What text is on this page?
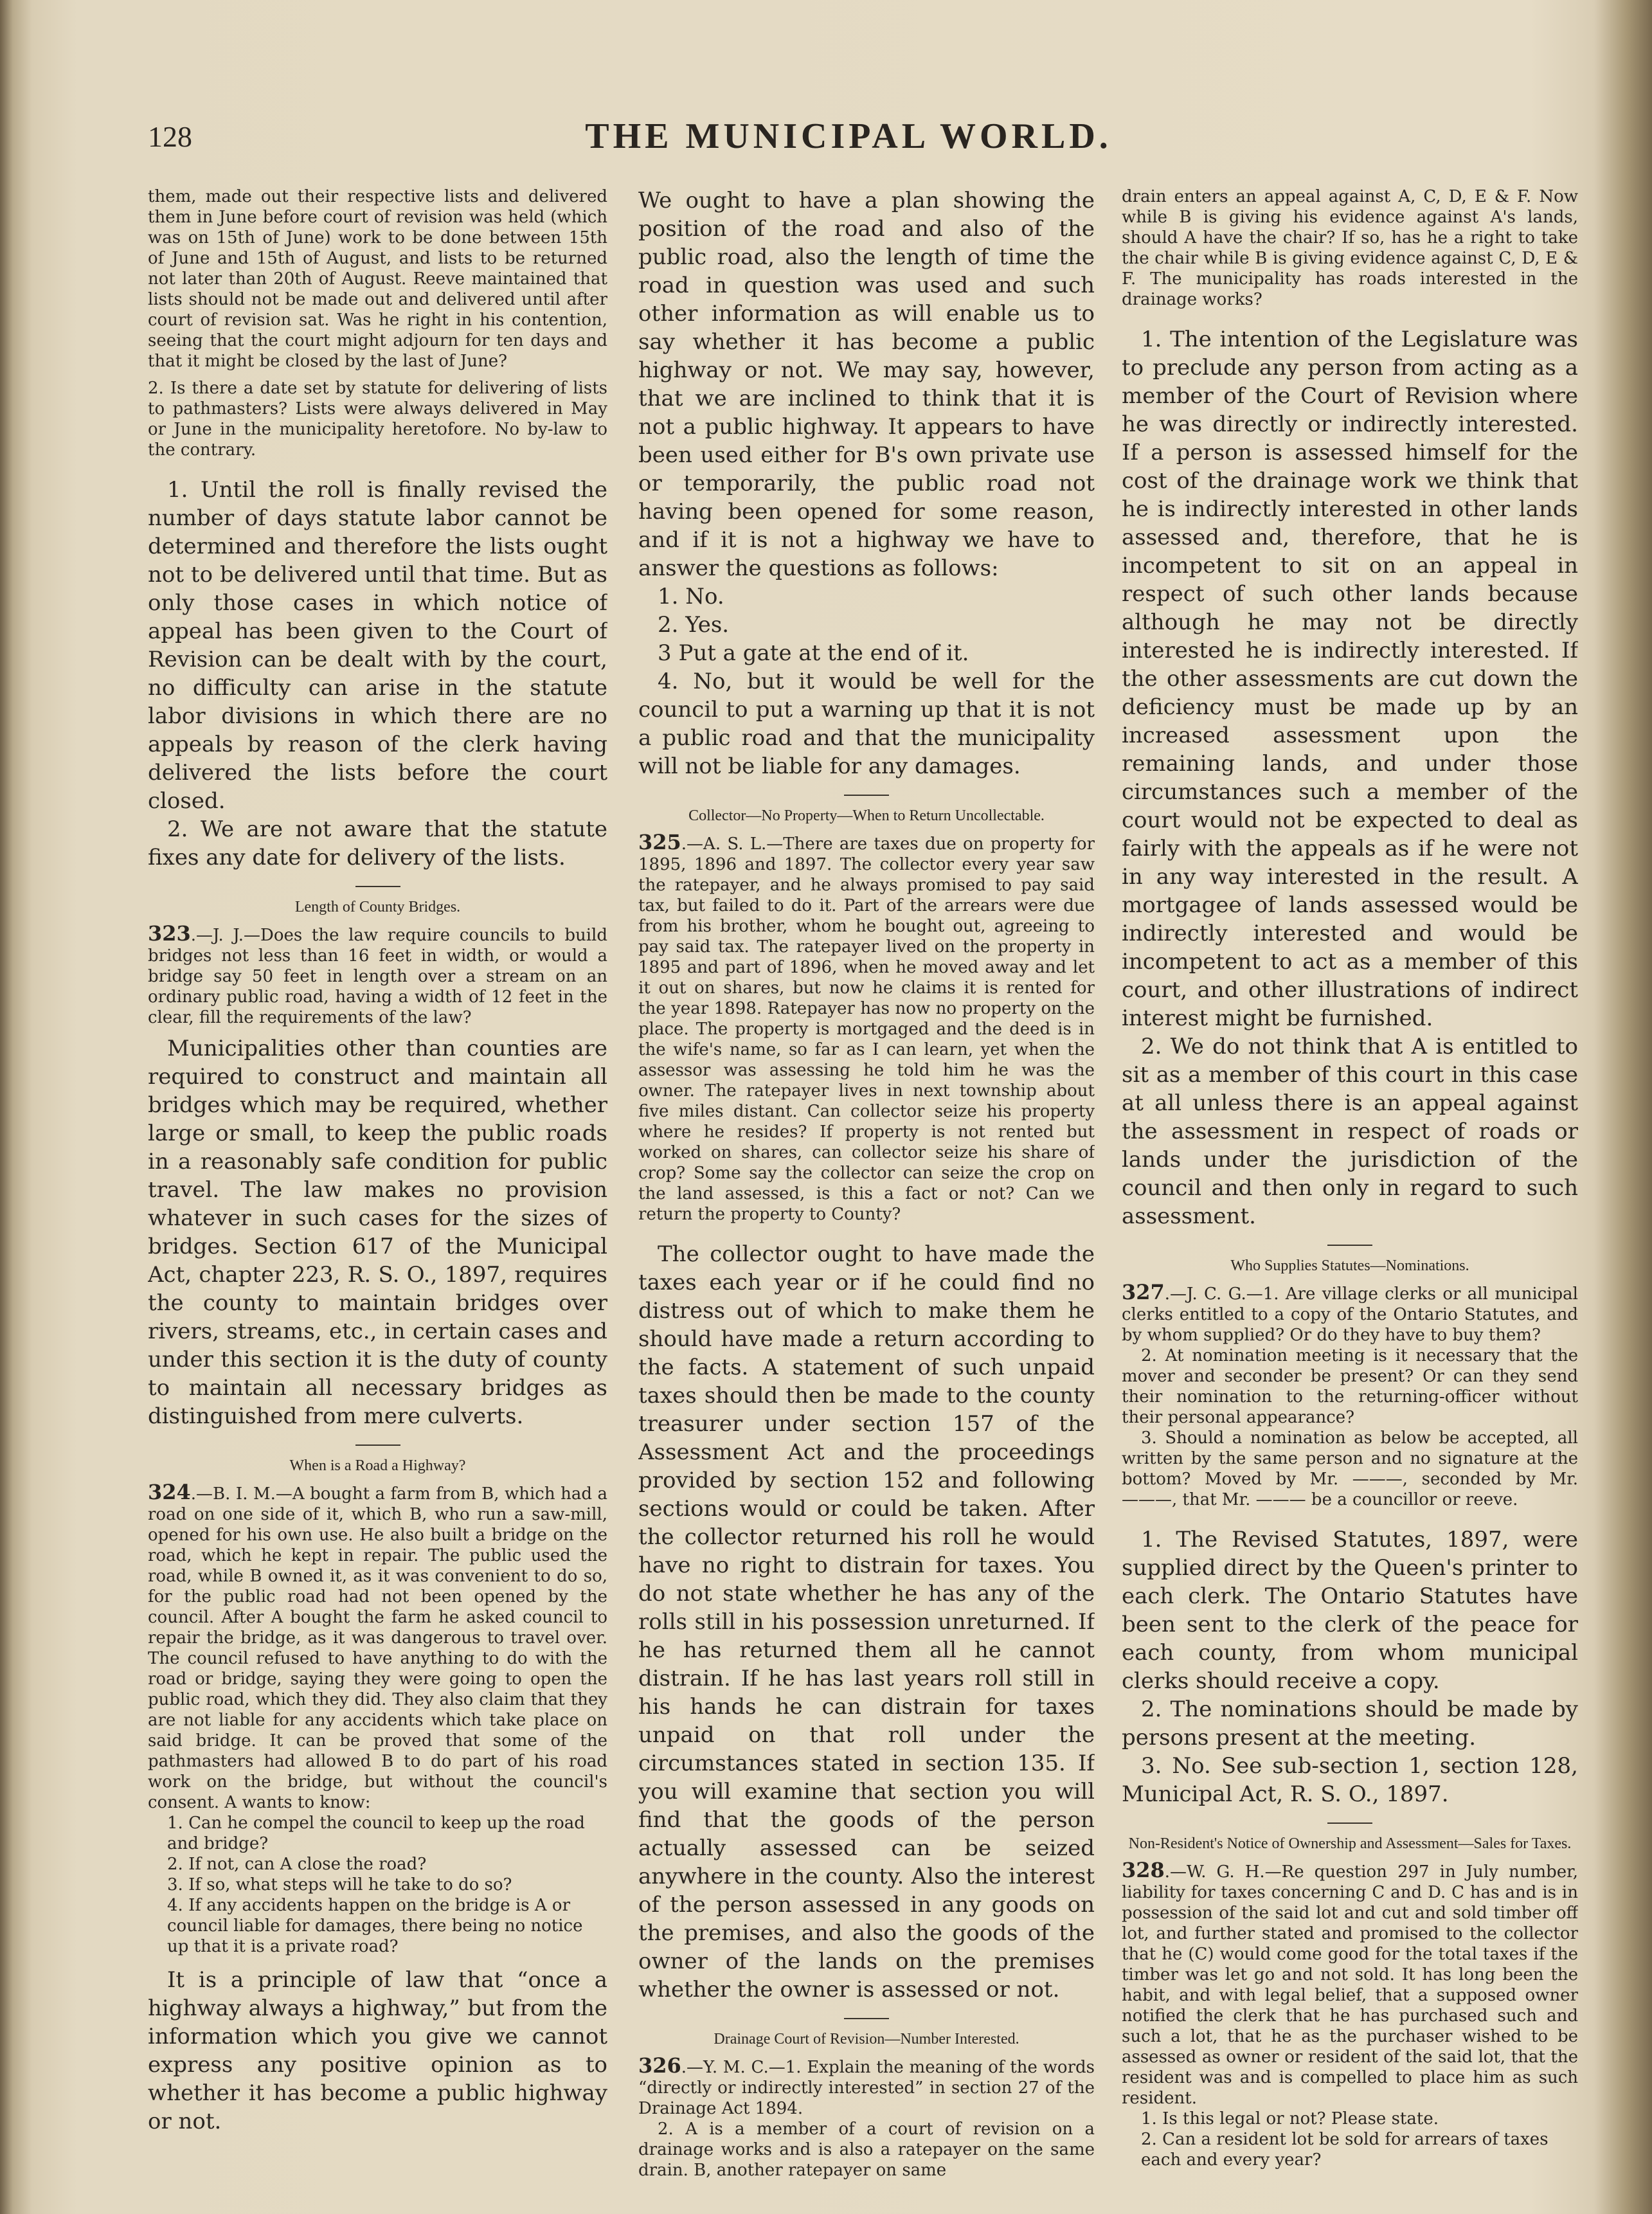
128	THE MUNICIPAL WORLD.

them, made out their respective lists and delivered them in June before court of revision was held (which was on 15th of June) work to be done between 15th of June and 15th of August, and lists to be returned not later than 20th of August. Reeve maintained that lists should not be made out and delivered until after court of revision sat. Was he right in his contention, seeing that the court might adjourn for ten days and that it might be closed by the last of June?

2. Is there a date set by statute for delivering of lists to pathmasters? Lists were always delivered in May or June in the municipality heretofore. No by-law to the contrary.

1. Until the roll is finally revised the number of days statute labor cannot be determined and therefore the lists ought not to be delivered until that time. But as only those cases in which notice of appeal has been given to the Court of Revision can be dealt with by the court, no difficulty can arise in the statute labor divisions in which there are no appeals by reason of the clerk having delivered the lists before the court closed.

2. We are not aware that the statute fixes any date for delivery of the lists.

Length of County Bridges.

323.—J. J.—Does the law require councils to build bridges not less than 16 feet in width, or would a bridge say 50 feet in length over a stream on an ordinary public road, having a width of 12 feet in the clear, fill the requirements of the law?

Municipalities other than counties are required to construct and maintain all bridges which may be required, whether large or small, to keep the public roads in a reasonably safe condition for public travel. The law makes no provision whatever in such cases for the sizes of bridges. Section 617 of the Municipal Act, chapter 223, R. S. O., 1897, requires the county to maintain bridges over rivers, streams, etc., in certain cases and under this section it is the duty of county to maintain all necessary bridges as distinguished from mere culverts.

When is a Road a Highway?

324.—B. I. M.—A bought a farm from B, which had a road on one side of it, which B, who run a saw-mill, opened for his own use. He also built a bridge on the road, which he kept in repair. The public used the road, while B owned it, as it was convenient to do so, for the public road had not been opened by the council. After A bought the farm he asked council to repair the bridge, as it was dangerous to travel over. The council refused to have anything to do with the road or bridge, saying they were going to open the public road, which they did. They also claim that they are not liable for any accidents which take place on said bridge. It can be proved that some of the pathmasters had allowed B to do part of his road work on the bridge, but without the council's consent. A wants to know:

1. Can he compel the council to keep up the road and bridge?

2. If not, can A close the road?

3. If so, what steps will he take to do so?

4. If any accidents happen on the bridge is A or council liable for damages, there being no notice up that it is a private road?

It is a principle of law that “once a highway always a highway,” but from the information which you give we cannot express any positive opinion as to whether it has become a public highway or not.

We ought to have a plan showing the position of the road and also of the public road, also the length of time the road in question was used and such other information as will enable us to say whether it has become a public highway or not. We may say, however, that we are inclined to think that it is not a public highway. It appears to have been used either for B's own private use or temporarily, the public road not having been opened for some reason, and if it is not a highway we have to answer the questions as follows:

1. No.

2. Yes.

3 Put a gate at the end of it.

4. No, but it would be well for the council to put a warning up that it is not a public road and that the municipality will not be liable for any damages.

Collector—No Property—When to Return Uncollectable.

325.—A. S. L.—There are taxes due on property for 1895, 1896 and 1897. The collector every year saw the ratepayer, and he always promised to pay said tax, but failed to do it. Part of the arrears were due from his brother, whom he bought out, agreeing to pay said tax. The ratepayer lived on the property in 1895 and part of 1896, when he moved away and let it out on shares, but now he claims it is rented for the year 1898. Ratepayer has now no property on the place. The property is mortgaged and the deed is in the wife's name, so far as I can learn, yet when the assessor was assessing he told him he was the owner. The ratepayer lives in next township about five miles distant. Can collector seize his property where he resides? If property is not rented but worked on shares, can collector seize his share of crop? Some say the collector can seize the crop on the land assessed, is this a fact or not? Can we return the property to County?

The collector ought to have made the taxes each year or if he could find no distress out of which to make them he should have made a return according to the facts. A statement of such unpaid taxes should then be made to the county treasurer under section 157 of the Assessment Act and the proceedings provided by section 152 and following sections would or could be taken. After the collector returned his roll he would have no right to distrain for taxes. You do not state whether he has any of the rolls still in his possession unreturned. If he has returned them all he cannot distrain. If he has last years roll still in his hands he can distrain for taxes unpaid on that roll under the circumstances stated in section 135. If you will examine that section you will find that the goods of the person actually assessed can be seized anywhere in the county. Also the interest of the person assessed in any goods on the premises, and also the goods of the owner of the lands on the premises whether the owner is assessed or not.

Drainage Court of Revision—Number Interested.

326.—Y. M. C.—1. Explain the meaning of the words “directly or indirectly interested” in section 27 of the Drainage Act 1894.

2. A is a member of a court of revision on a drainage works and is also a ratepayer on the same drain. B, another ratepayer on same

drain enters an appeal against A, C, D, E & F. Now while B is giving his evidence against A's lands, should A have the chair? If so, has he a right to take the chair while B is giving evidence against C, D, E & F. The municipality has roads interested in the drainage works?

1. The intention of the Legislature was to preclude any person from acting as a member of the Court of Revision where he was directly or indirectly interested. If a person is assessed himself for the cost of the drainage work we think that he is indirectly interested in other lands assessed and, therefore, that he is incompetent to sit on an appeal in respect of such other lands because although he may not be directly interested he is indirectly interested. If the other assessments are cut down the deficiency must be made up by an increased assessment upon the remaining lands, and under those circumstances such a member of the court would not be expected to deal as fairly with the appeals as if he were not in any way interested in the result. A mortgagee of lands assessed would be indirectly interested and would be incompetent to act as a member of this court, and other illustrations of indirect interest might be furnished.

2. We do not think that A is entitled to sit as a member of this court in this case at all unless there is an appeal against the assessment in respect of roads or lands under the jurisdiction of the council and then only in regard to such assessment.

Who Supplies Statutes—Nominations.

327.—J. C. G.—1. Are village clerks or all municipal clerks entitled to a copy of the Ontario Statutes, and by whom supplied? Or do they have to buy them?

2. At nomination meeting is it necessary that the mover and seconder be present? Or can they send their nomination to the returning-officer without their personal appearance?

3. Should a nomination as below be accepted, all written by the same person and no signature at the bottom? Moved by Mr. ———, seconded by Mr. ———, that Mr. ——— be a councillor or reeve.

1. The Revised Statutes, 1897, were supplied direct by the Queen's printer to each clerk. The Ontario Statutes have been sent to the clerk of the peace for each county, from whom municipal clerks should receive a copy.

2. The nominations should be made by persons present at the meeting.

3. No. See sub-section 1, section 128, Municipal Act, R. S. O., 1897.

Non-Resident's Notice of Ownership and Assessment—Sales for Taxes.

328.—W. G. H.—Re question 297 in July number, liability for taxes concerning C and D. C has and is in possession of the said lot and cut and sold timber off lot, and further stated and promised to the collector that he (C) would come good for the total taxes if the timber was let go and not sold. It has long been the habit, and with legal belief, that a supposed owner notified the clerk that he has purchased such and such a lot, that he as the purchaser wished to be assessed as owner or resident of the said lot, that the resident was and is compelled to place him as such resident.

1. Is this legal or not? Please state.

2. Can a resident lot be sold for arrears of taxes each and every year?
